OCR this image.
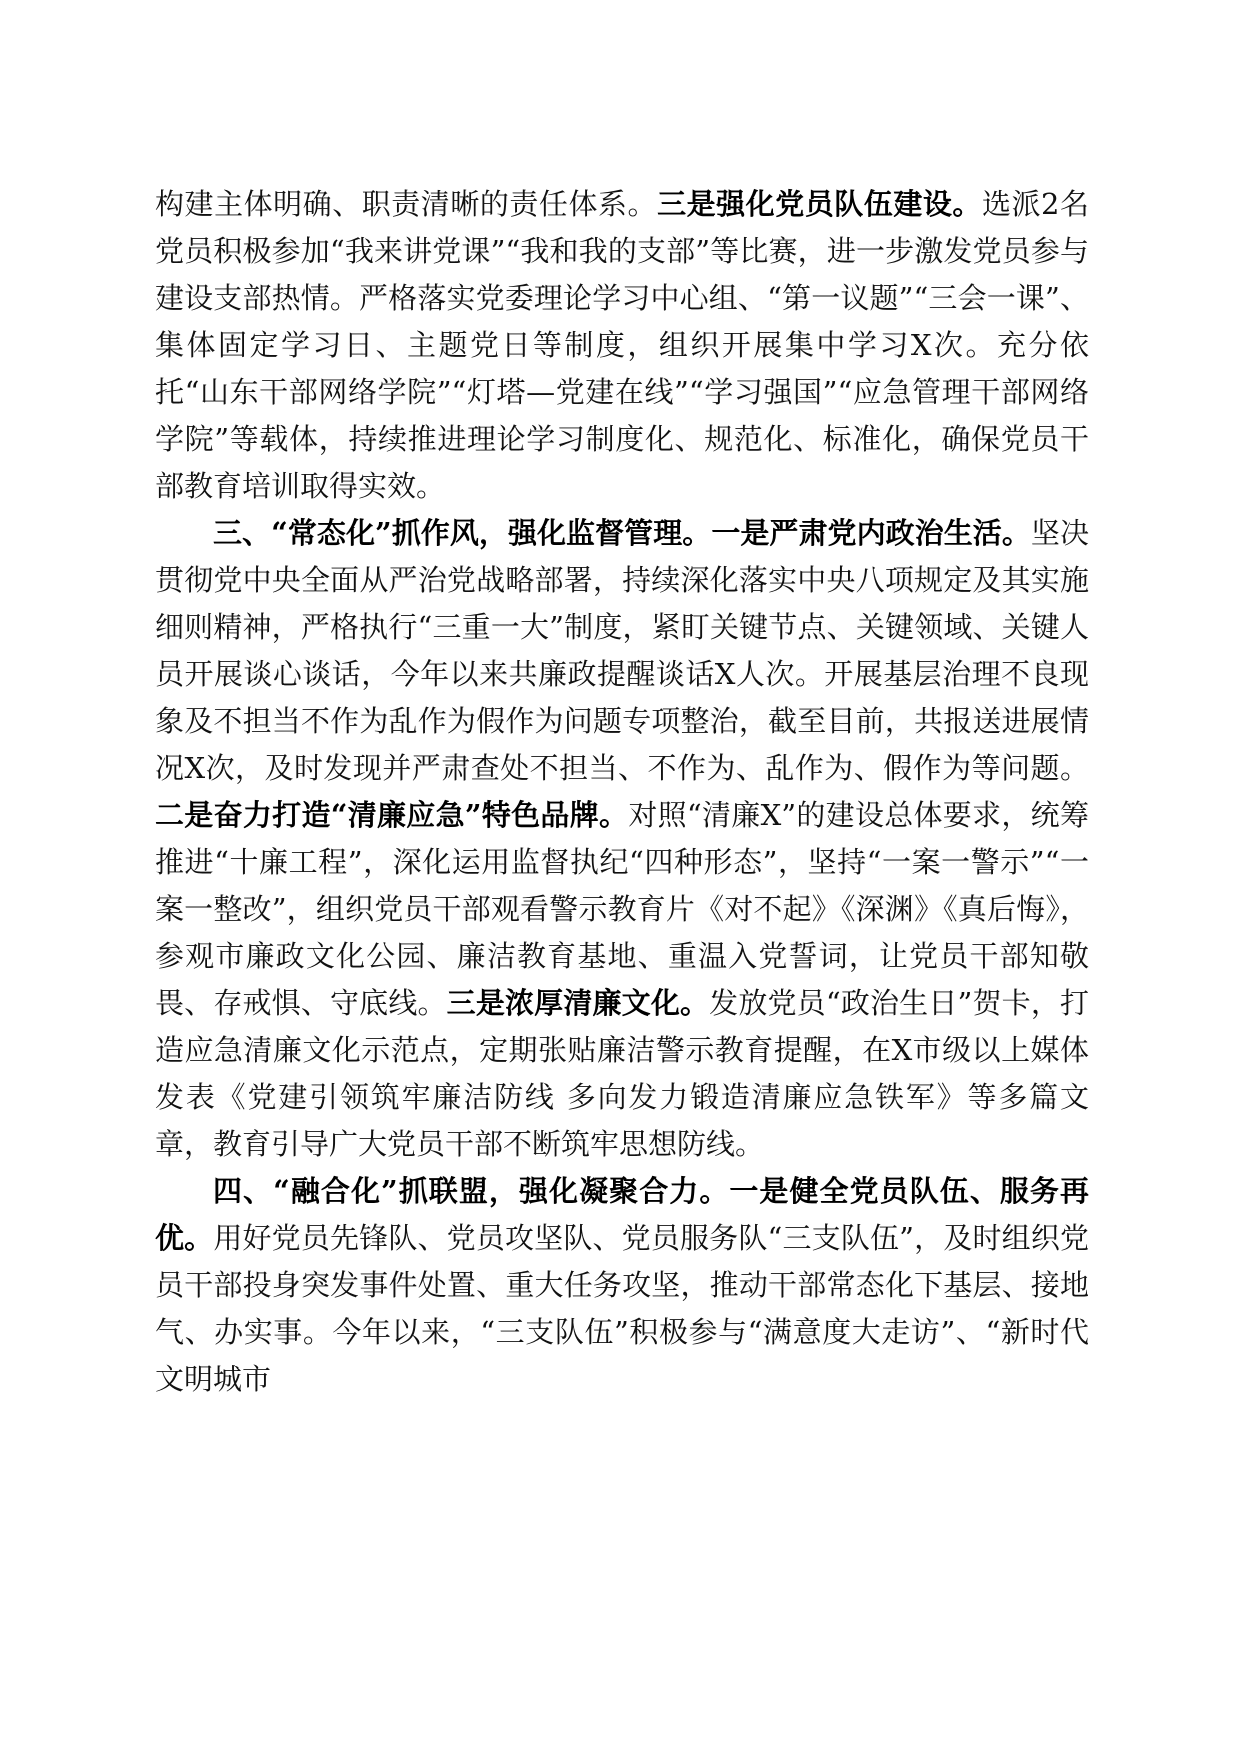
构建主体明确、职责清晰的责任体系。三是强化党员队伍建设。选派2名党员积极参加“我来讲党课”“我和我的支部”等比赛，进一步激发党员参与建设支部热情。严格落实党委理论学习中心组、“第一议题”“三会一课”、集体固定学习日、主题党日等制度，组织开展集中学习X次。充分依托“山东干部网络学院”“灯塔—党建在线”“学习强国”“应急管理干部网络学院”等载体，持续推进理论学习制度化、规范化、标准化，确保党员干部教育培训取得实效。

三、“常态化”抓作风，强化监督管理。一是严肃党内政治生活。坚决贯彻党中央全面从严治党战略部署，持续深化落实中央八项规定及其实施细则精神，严格执行“三重一大”制度，紧盯关键节点、关键领域、关键人员开展谈心谈话，今年以来共廉政提醒谈话X人次。开展基层治理不良现象及不担当不作为乱作为假作为问题专项整治，截至目前，共报送进展情况X次，及时发现并严肃查处不担当、不作为、乱作为、假作为等问题。二是奋力打造“清廉应急”特色品牌。对照“清廉X”的建设总体要求，统筹推进“十廉工程”，深化运用监督执纪“四种形态”，坚持“一案一警示”“一案一整改”，组织党员干部观看警示教育片《对不起》《深渊》《真后悔》，参观市廉政文化公园、廉洁教育基地、重温入党誓词，让党员干部知敬畏、存戒惧、守底线。三是浓厚清廉文化。发放党员“政治生日”贺卡，打造应急清廉文化示范点，定期张贴廉洁警示教育提醒，在X市级以上媒体发表《党建引领筑牢廉洁防线 多向发力锻造清廉应急铁军》等多篇文章，教育引导广大党员干部不断筑牢思想防线。

四、“融合化”抓联盟，强化凝聚合力。一是健全党员队伍、服务再优。用好党员先锋队、党员攻坚队、党员服务队“三支队伍”，及时组织党员干部投身突发事件处置、重大任务攻坚，推动干部常态化下基层、接地气、办实事。今年以来，“三支队伍”积极参与“满意度大走访”、“新时代文明城市
